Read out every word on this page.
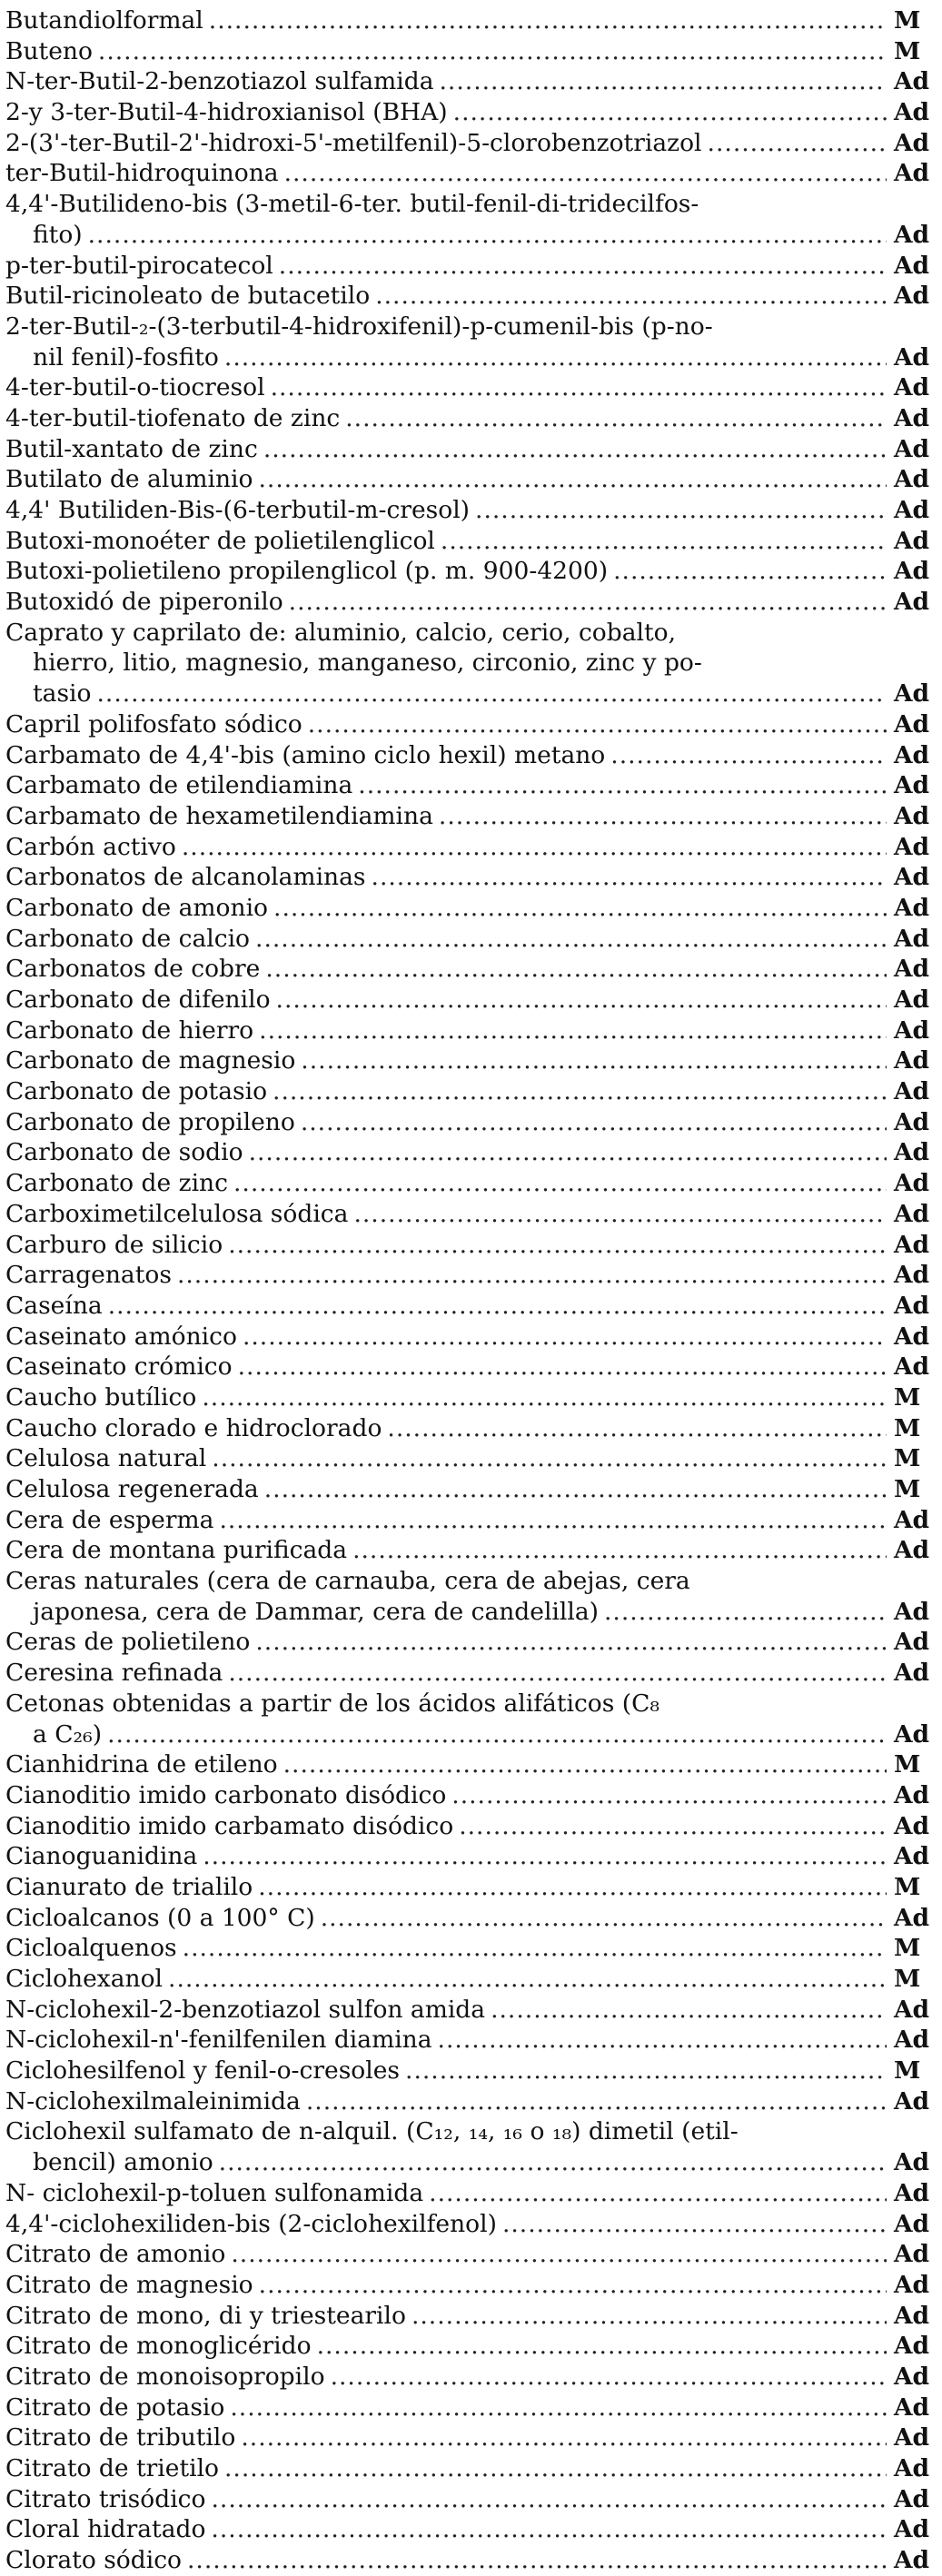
Butandiolformal .....	M
Buteno .....	M
N-ter-Butil-2-benzotiazol sulfamida .....	Ad
2-y 3-ter-Butil-4-hidroxianisol (BHA) .....	Ad
2-(3'-ter-Butil-2'-hidroxi-5'-metilfenil)-5-clorobenzotriazol .....	Ad
ter-Butil-hidroquinona .....	Ad
4,4'-Butilideno-bis (3-metil-6-ter. butil-fenil-di-tridecilfos-
fito) .....	Ad
p-ter-butil-pirocatecol .....	Ad
Butil-ricinoleato de butacetilo .....	Ad
2-ter-Butil-₂-(3-terbutil-4-hidroxifenil)-p-cumenil-bis (p-no-
nil fenil)-fosfito .....	Ad
4-ter-butil-o-tiocresol .....	Ad
4-ter-butil-tiofenato de zinc .....	Ad
Butil-xantato de zinc .....	Ad
Butilato de aluminio .....	Ad
4,4' Butiliden-Bis-(6-terbutil-m-cresol) .....	Ad
Butoxi-monoéter de polietilenglicol .....	Ad
Butoxi-polietileno propilenglicol (p. m. 900-4200) .....	Ad
Butoxidó de piperonilo .....	Ad
Caprato y caprilato de: aluminio, calcio, cerio, cobalto,
hierro, litio, magnesio, manganeso, circonio, zinc y po-
tasio .....	Ad
Capril polifosfato sódico .....	Ad
Carbamato de 4,4'-bis (amino ciclo hexil) metano .....	Ad
Carbamato de etilendiamina .....	Ad
Carbamato de hexametilendiamina .....	Ad
Carbón activo .....	Ad
Carbonatos de alcanolaminas .....	Ad
Carbonato de amonio .....	Ad
Carbonato de calcio .....	Ad
Carbonatos de cobre .....	Ad
Carbonato de difenilo .....	Ad
Carbonato de hierro .....	Ad
Carbonato de magnesio .....	Ad
Carbonato de potasio .....	Ad
Carbonato de propileno .....	Ad
Carbonato de sodio .....	Ad
Carbonato de zinc .....	Ad
Carboximetilcelulosa sódica .....	Ad
Carburo de silicio .....	Ad
Carragenatos .....	Ad
Caseína .....	Ad
Caseinato amónico .....	Ad
Caseinato crómico .....	Ad
Caucho butílico .....	M
Caucho clorado e hidroclorado .....	M
Celulosa natural .....	M
Celulosa regenerada .....	M
Cera de esperma .....	Ad
Cera de montana purificada .....	Ad
Ceras naturales (cera de carnauba, cera de abejas, cera
japonesa, cera de Dammar, cera de candelilla) .....	Ad
Ceras de polietileno .....	Ad
Ceresina refinada .....	Ad
Cetonas obtenidas a partir de los ácidos alifáticos (C₈
a C₂₆) .....	Ad
Cianhidrina de etileno .....	M
Cianoditio imido carbonato disódico .....	Ad
Cianoditio imido carbamato disódico .....	Ad
Cianoguanidina .....	Ad
Cianurato de trialilo .....	M
Cicloalcanos (0 a 100° C) .....	Ad
Cicloalquenos .....	M
Ciclohexanol .....	M
N-ciclohexil-2-benzotiazol sulfon amida .....	Ad
N-ciclohexil-n'-fenilfenilen diamina .....	Ad
Ciclohesilfenol y fenil-o-cresoles .....	M
N-ciclohexilmaleinimida .....	Ad
Ciclohexil sulfamato de n-alquil. (C₁₂, ₁₄, ₁₆ o ₁₈) dimetil (etil-
bencil) amonio .....	Ad
N- ciclohexil-p-toluen sulfonamida .....	Ad
4,4'-ciclohexiliden-bis (2-ciclohexilfenol) .....	Ad
Citrato de amonio .....	Ad
Citrato de magnesio .....	Ad
Citrato de mono, di y triestearilo .....	Ad
Citrato de monoglicérido .....	Ad
Citrato de monoisopropilo .....	Ad
Citrato de potasio .....	Ad
Citrato de tributilo .....	Ad
Citrato de trietilo .....	Ad
Citrato trisódico .....	Ad
Cloral hidratado .....	Ad
Clorato sódico .....	Ad
